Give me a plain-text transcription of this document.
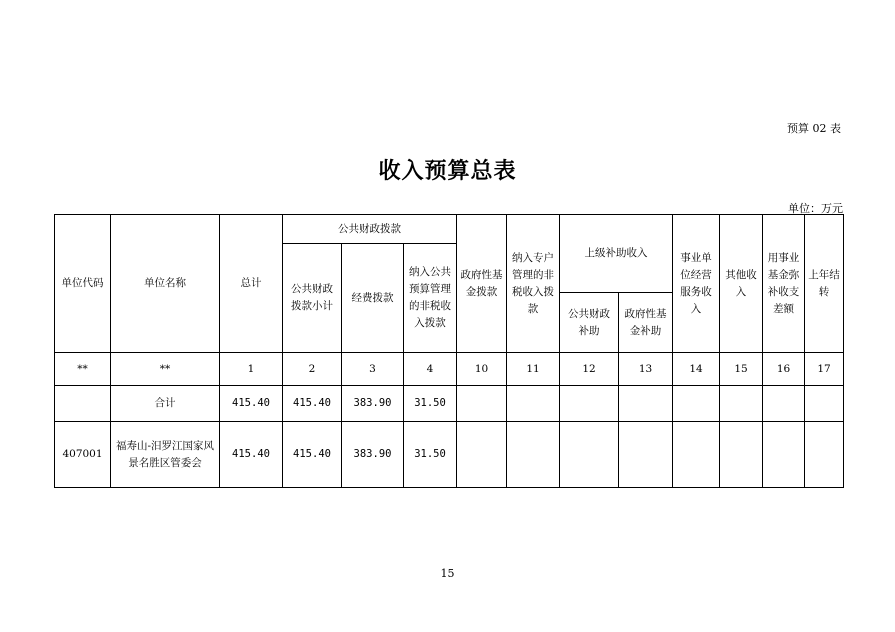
预算 02 表
收入预算总表
单位：万元
单位代码	单位名称	总计	公共财政拨款			政府性基金拨款	纳入专户管理的非税收入拨款	上级补助收入		事业单位经营服务收入	其他收入	用事业基金弥补收支差额	上年结转
			公共财政拨款小计	经费拨款	纳入公共预算管理的非税收入拨款								
								公共财政补助	政府性基金补助				
**	**	1	2	3	4	10	11	12	13	14	15	16	17
	合计	415.40	415.40	383.90	31.50								
407001	福寿山-汨罗江国家风景名胜区管委会	415.40	415.40	383.90	31.50								
15
